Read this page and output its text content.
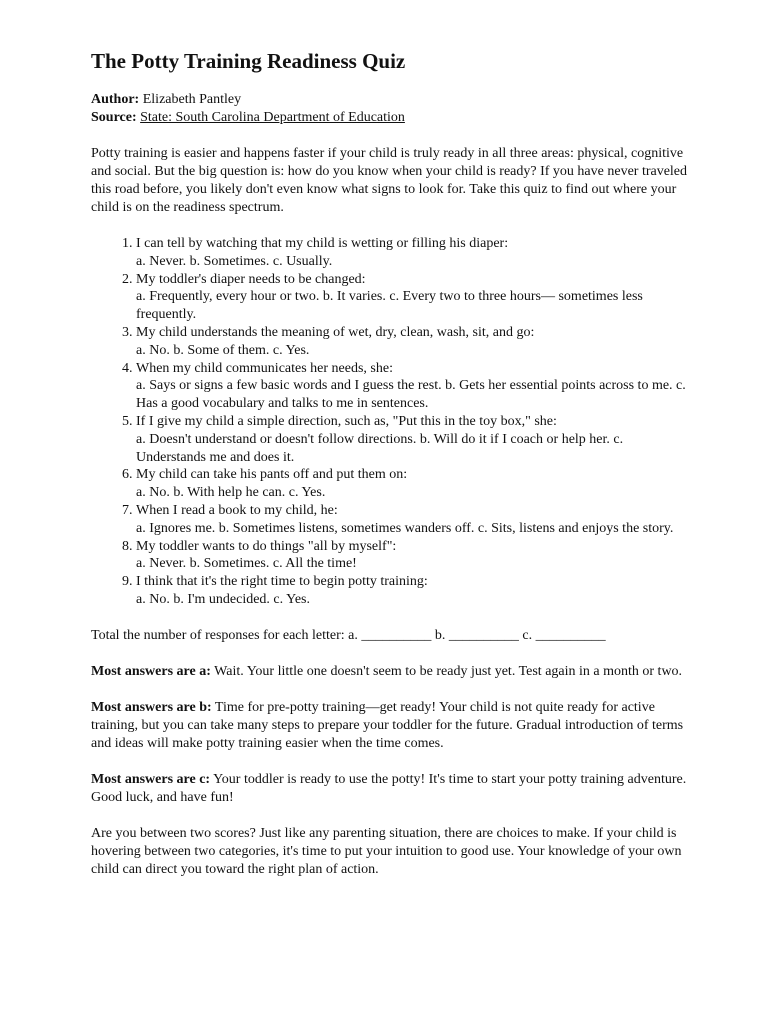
The Potty Training Readiness Quiz
Author: Elizabeth Pantley
Source: State: South Carolina Department of Education

Potty training is easier and happens faster if your child is truly ready in all three areas: physical, cognitive and social. But the big question is: how do you know when your child is ready? If you have never traveled this road before, you likely don't even know what signs to look for. Take this quiz to find out where your child is on the readiness spectrum.

1. I can tell by watching that my child is wetting or filling his diaper:
a. Never. b. Sometimes. c. Usually.
2. My toddler's diaper needs to be changed:
a. Frequently, every hour or two. b. It varies. c. Every two to three hours— sometimes less frequently.
3. My child understands the meaning of wet, dry, clean, wash, sit, and go:
a. No. b. Some of them. c. Yes.
4. When my child communicates her needs, she:
a. Says or signs a few basic words and I guess the rest. b. Gets her essential points across to me. c. Has a good vocabulary and talks to me in sentences.
5. If I give my child a simple direction, such as, "Put this in the toy box," she:
a. Doesn't understand or doesn't follow directions. b. Will do it if I coach or help her. c. Understands me and does it.
6. My child can take his pants off and put them on:
a. No. b. With help he can. c. Yes.
7. When I read a book to my child, he:
a. Ignores me. b. Sometimes listens, sometimes wanders off. c. Sits, listens and enjoys the story.
8. My toddler wants to do things "all by myself":
a. Never. b. Sometimes. c. All the time!
9. I think that it's the right time to begin potty training:
a. No. b. I'm undecided. c. Yes.

Total the number of responses for each letter: a. __________ b. __________ c. __________

Most answers are a: Wait. Your little one doesn't seem to be ready just yet. Test again in a month or two.

Most answers are b: Time for pre-potty training—get ready! Your child is not quite ready for active training, but you can take many steps to prepare your toddler for the future. Gradual introduction of terms and ideas will make potty training easier when the time comes.

Most answers are c: Your toddler is ready to use the potty! It's time to start your potty training adventure. Good luck, and have fun!

Are you between two scores? Just like any parenting situation, there are choices to make. If your child is hovering between two categories, it's time to put your intuition to good use. Your knowledge of your own child can direct you toward the right plan of action.
